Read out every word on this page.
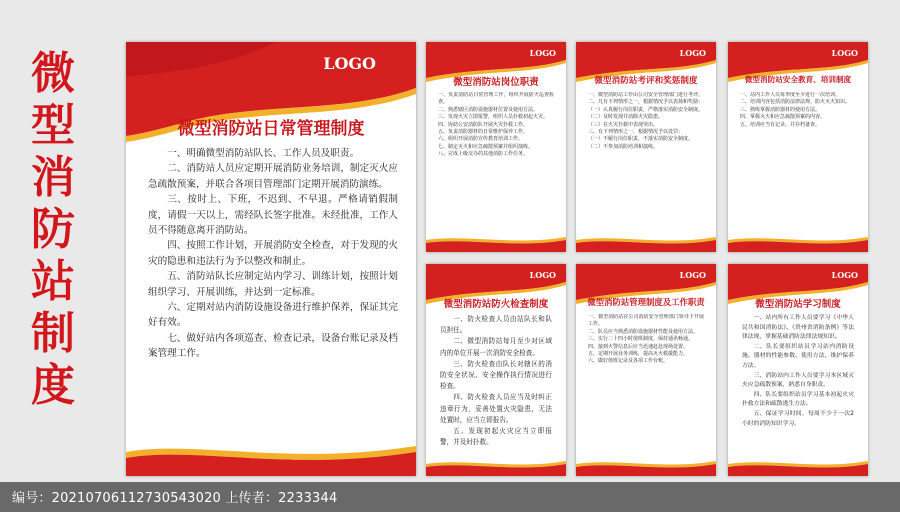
微
型
消
防
站
制
度
LOGO
微型消防站日常管理制度

一、明确微型消防站队长、工作人员及职责。

二、消防站人员应定期开展消防业务培训，制定灭火应急疏散预案，并联合各项目管理部门定期开展消防演练。

三、按时上、下班，不迟到、不早退。严格请销假制度，请假一天以上，需经队长签字批准。未经批准，工作人员不得随意离开消防站。

四、按照工作计划，开展消防安全检查，对于发现的火灾的隐患和违法行为予以整改和制止。

五、消防站队长应制定站内学习、训练计划，按照计划组织学习、开展训练，并达到一定标准。

六、定期对站内消防设施设备进行维护保养，保证其完好有效。

七、做好站内各项巡查、检查记录，设备台账记录及档案管理工作。

LOGO
微型消防站岗位职责

一、负责消防站日常管理工作，组织开展防火巡查检查。

二、熟悉辖区消防设施器材位置及使用方法。

三、发现火灾立即报警，组织人员扑救初起火灾。

四、协助公安消防队开展火灾扑救工作。

五、负责消防器材的日常维护保养工作。

六、组织开展消防宣传教育培训工作。

七、制定灭火和应急疏散预案并组织演练。

八、完成上级交办的其他消防工作任务。

LOGO
微型消防站考评和奖惩制度

一、微型消防站工作由公司安全管理部门进行考评。

二、凡有下列情形之一，根据情况予以表扬和奖励：

（一）认真履行岗位职责，严格落实消防安全制度。

（二）及时发现并消除火灾隐患。

（三）在火灾扑救中表现突出。

三、有下列情形之一，根据情况予以处罚：

（一）不履行岗位职责，不落实消防安全制度。

（二）不参加消防培训和演练。

LOGO
微型消防站安全教育、培训制度

一、站内工作人员每季度至少进行一次培训。

二、培训内容包括消防法律法规、防火灭火知识。

三、熟练掌握消防器材的使用方法。

四、掌握灭火和应急疏散预案的内容。

五、培训应当有记录，并存档备查。

LOGO
微型消防站防火检查制度

一、防火检查人员由站队长和队员担任。

二、微型消防站每月至少对区域内的单位开展一次消防安全检查。

三、防火检查由队长对辖区的消防安全状况、安全操作执行情况进行检查。

四、防火检查人员应当及时纠正违章行为，妥善处置火灾隐患，无法处置时，应当立即报告。

五、发现初起火灾应当立即报警，并及时扑救。

LOGO
微型消防站管理制度及工作职责

一、微型消防站在公司消防安全管理部门领导下开展工作。

二、队员应当熟悉消防设施器材性能及使用方法。

三、实行二十四小时值班制度，保持通讯畅通。

四、接到火警信息后应当迅速赶赴现场处置。

五、定期开展业务训练，提高灭火救援能力。

六、做好值班记录及各项工作台账。

LOGO
微型消防站学习制度

一、站内所有工作人员要学习《中华人民共和国消防法》、《贵州省消防条例》等法律法规，掌握基础消防法律法规知识。

二、队长要组织站员学习站内消防设施、器材的性能参数、使用方法、维护保养方法。

三、消防站内工作人员要学习本区域灭火应急疏散预案，熟悉自身职责。

四、队长要组织站员学习基本初起火灾扑救方法和疏散逃生方法。

五、保证学习时间，每周不少于一次2小时的消防知识学习。

编号：20210706112730543020 上传者：2233344
